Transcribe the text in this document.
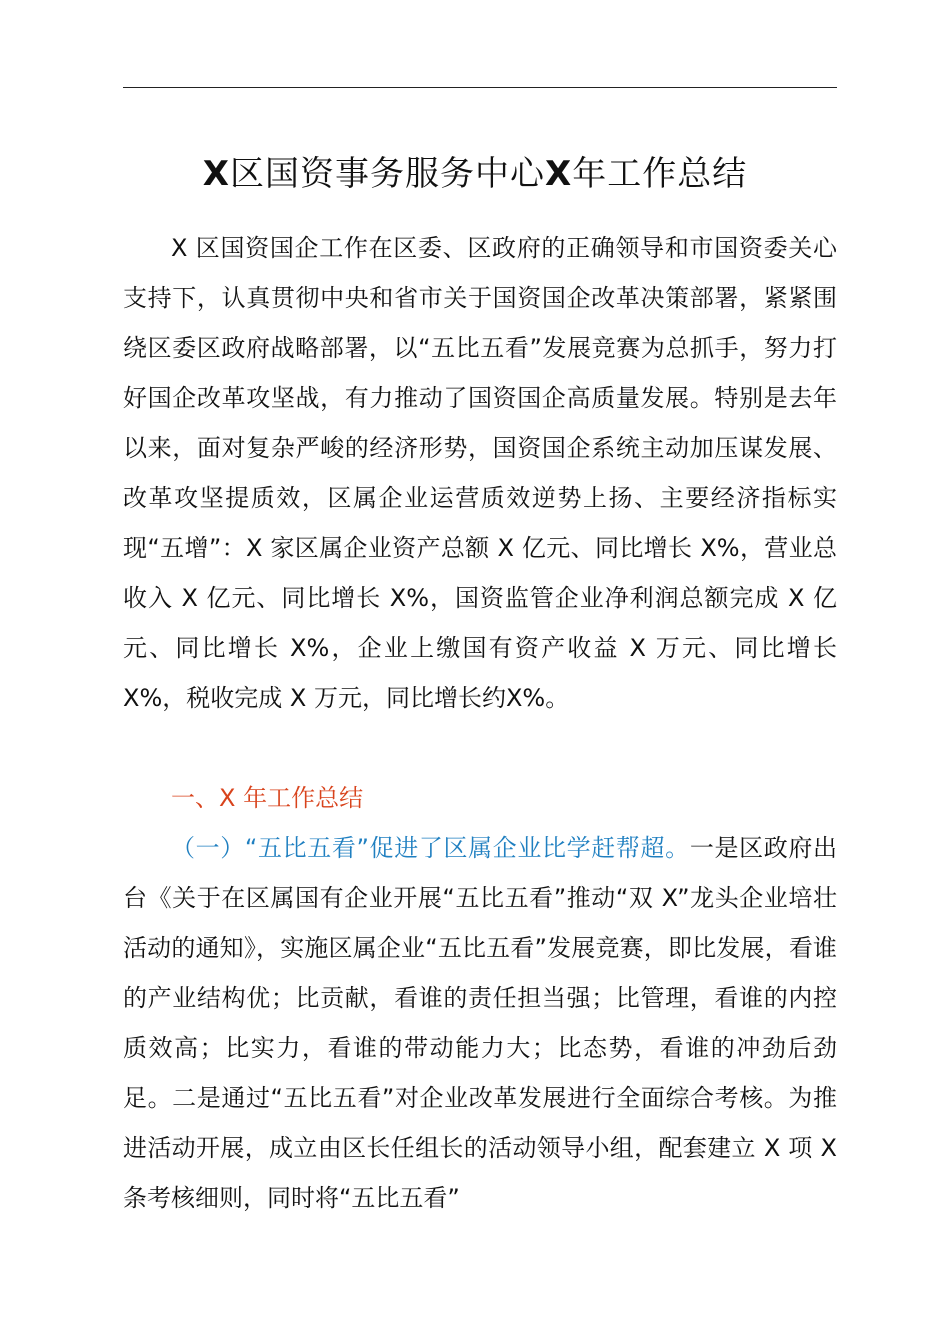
X区国资事务服务中心X年工作总结

X 区国资国企工作在区委、区政府的正确领导和市国资委关心支持下，认真贯彻中央和省市关于国资国企改革决策部署，紧紧围绕区委区政府战略部署，以“五比五看”发展竞赛为总抓手，努力打好国企改革攻坚战，有力推动了国资国企高质量发展。特别是去年以来，面对复杂严峻的经济形势，国资国企系统主动加压谋发展、改革攻坚提质效，区属企业运营质效逆势上扬、主要经济指标实现“五增”：X 家区属企业资产总额 X 亿元、同比增长 X%，营业总收入 X 亿元、同比增长 X%，国资监管企业净利润总额完成 X 亿元、同比增长 X%，企业上缴国有资产收益 X 万元、同比增长 X%，税收完成 X 万元，同比增长约X%。

一、X 年工作总结

（一）“五比五看”促进了区属企业比学赶帮超。一是区政府出台《关于在区属国有企业开展“五比五看”推动“双 X”龙头企业培壮活动的通知》，实施区属企业“五比五看”发展竞赛，即比发展，看谁的产业结构优；比贡献，看谁的责任担当强；比管理，看谁的内控质效高；比实力，看谁的带动能力大；比态势，看谁的冲劲后劲足。二是通过“五比五看”对企业改革发展进行全面综合考核。为推进活动开展，成立由区长任组长的活动领导小组，配套建立 X 项 X 条考核细则，同时将“五比五看”
